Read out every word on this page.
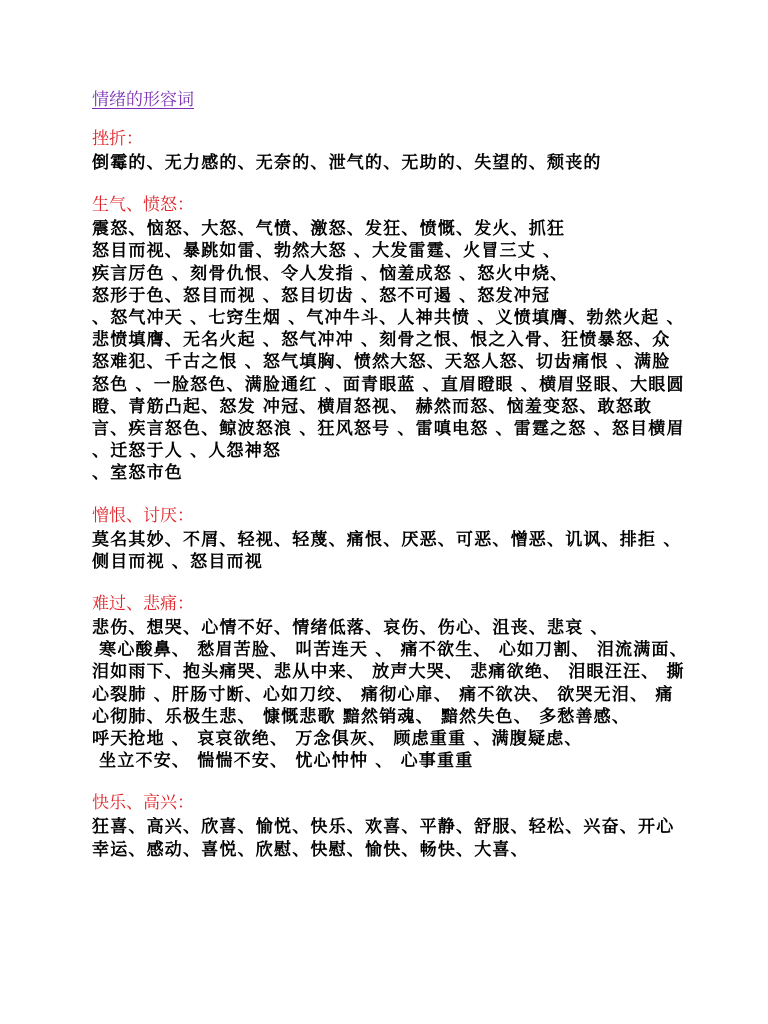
情绪的形容词
挫折：

倒霉的、无力感的、无奈的、泄气的、无助的、失望的、颓丧的

生气、愤怒：

震怒、恼怒、大怒、气愤、激怒、发狂、愤慨、发火、抓狂
怒目而视、暴跳如雷、勃然大怒 、大发雷霆、火冒三丈 、
疾言厉色 、刻骨仇恨、令人发指 、恼羞成怒 、怒火中烧、
怒形于色、怒目而视 、怒目切齿 、怒不可遏 、怒发冲冠
、怒气冲天 、七窍生烟 、气冲牛斗、人神共愤 、义愤填膺、勃然火起 、悲愤填膺、无名火起 、怒气冲冲 、刻骨之恨、恨之入骨、狂愤暴怒、众怒难犯、千古之恨 、怒气填胸、愤然大怒、天怒人怒、切齿痛恨 、满脸怒色 、一脸怒色、满脸通红 、面青眼蓝 、直眉瞪眼 、横眉竖眼、大眼圆瞪、青筋凸起、怒发 冲冠、横眉怒视、 赫然而怒、恼羞变怒、敢怒敢言、疾言怒色、鲸波怒浪 、狂风怒号 、雷嗔电怒 、雷霆之怒 、怒目横眉 、迁怒于人 、人怨神怒
、室怒市色

憎恨、讨厌：

莫名其妙、不屑、轻视、轻蔑、痛恨、厌恶、可恶、憎恶、讥讽、排拒 、侧目而视 、怒目而视

难过、悲痛：

悲伤、想哭、心情不好、情绪低落、哀伤、伤心、沮丧、悲哀 、
寒心酸鼻、 愁眉苦脸、 叫苦连天 、 痛不欲生、 心如刀割、 泪流满面、 泪如雨下、抱头痛哭、悲从中来、 放声大哭、 悲痛欲绝、 泪眼汪汪、 撕心裂肺 、肝肠寸断、心如刀绞、 痛彻心扉、 痛不欲决、 欲哭无泪、 痛心彻肺、乐极生悲、 慷慨悲歌 黯然销魂、 黯然失色、 多愁善感、
呼天抢地 、 哀哀欲绝、 万念俱灰、 顾虑重重 、满腹疑虑、
坐立不安、 惴惴不安、 忧心忡忡 、 心事重重

快乐、高兴：

狂喜、高兴、欣喜、愉悦、快乐、欢喜、平静、舒服、轻松、兴奋、开心 幸运、感动、喜悦、欣慰、快慰、愉快、畅快、大喜、
